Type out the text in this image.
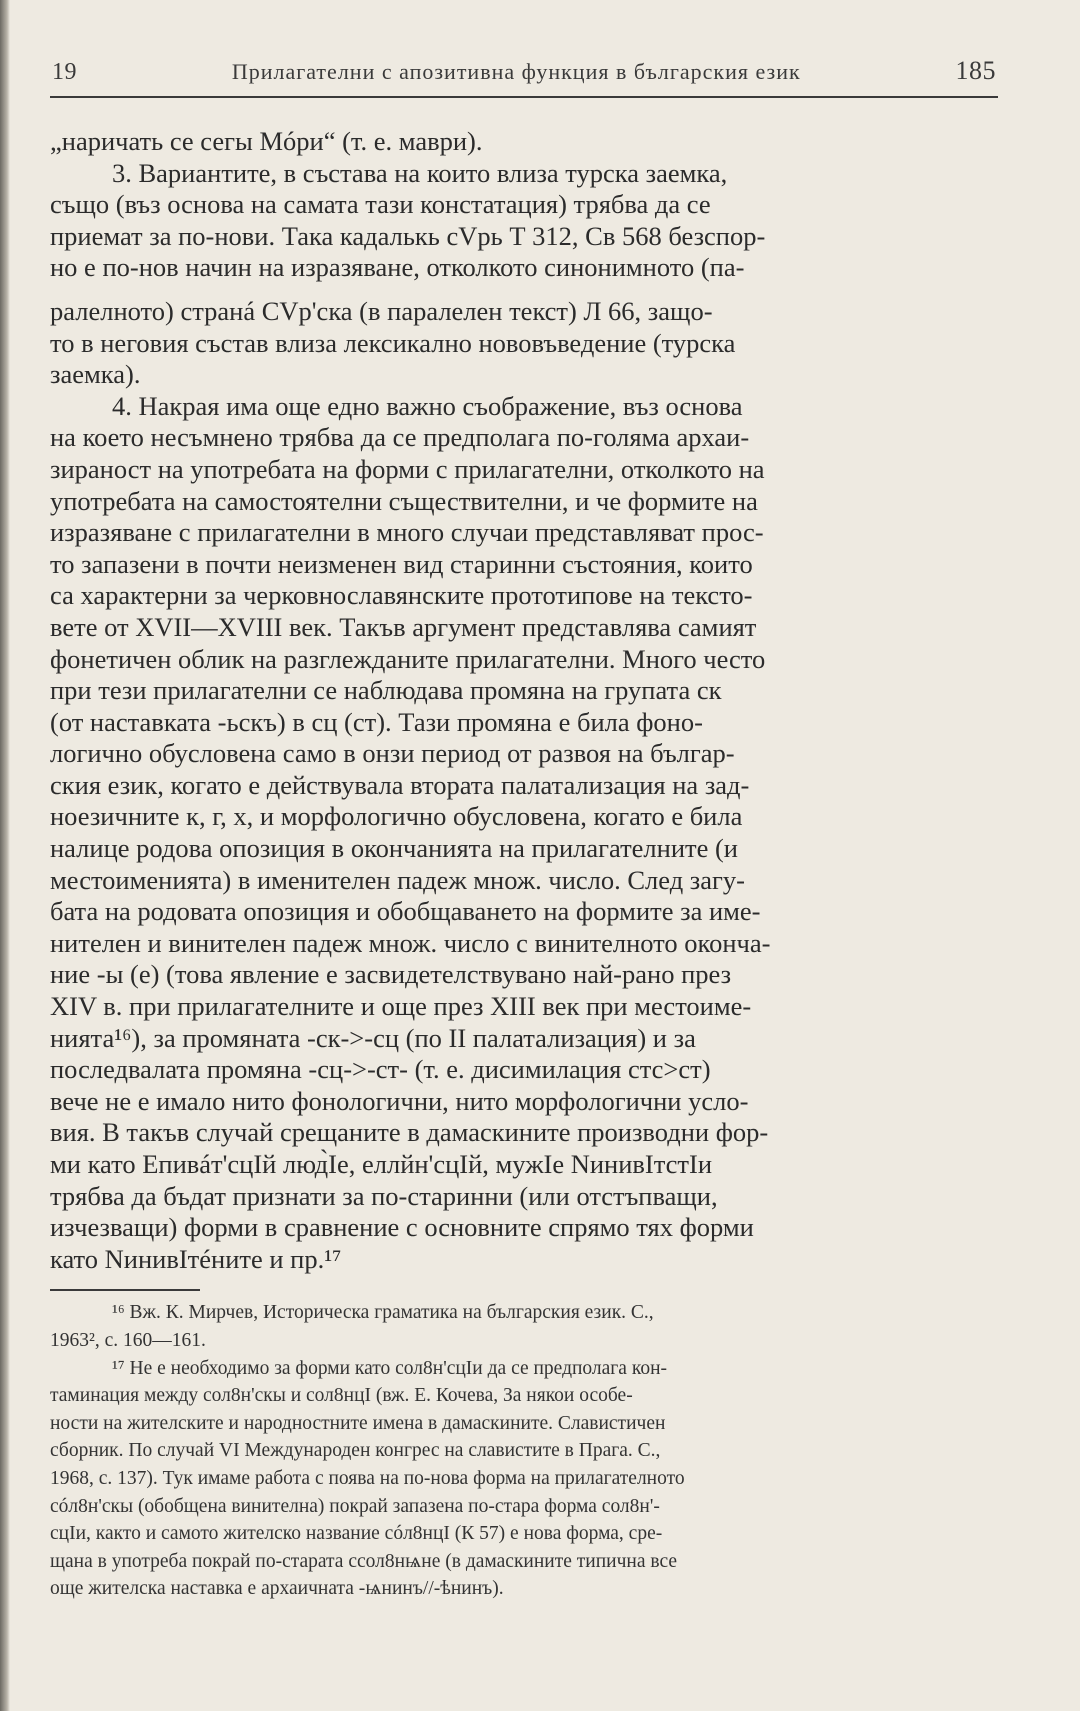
19	Прилагателни с апозитивна функция в българския език	185

„наричать се сегы Мóри“ (т. е. маври).

3. Вариантите, в състава на които влиза турска заемка,

също (въз основа на самата тази констатация) трябва да се

приемат за по-нови. Така кадалькь сVрь Т 312, Св 568 безспор-

но е по-нов начин на изразяване, отколкото синонимното (па-

ралелното) странá СVр'ска (в паралелен текст) Л 66, защо-

то в неговия състав влиза лексикално нововъведение (турска

заемка).

4. Накрая има още едно важно съображение, въз основа

на което несъмнено трябва да се предполага по-голяма архаи-

зираност на употребата на форми с прилагателни, отколкото на

употребата на самостоятелни съществителни, и че формите на

изразяване с прилагателни в много случаи представляват прос-

то запазени в почти неизменен вид старинни състояния, които

са характерни за черковнославянските прототипове на тексто-

вете от XVII—XVIII век. Такъв аргумент представлява самият

фонетичен облик на разглежданите прилагателни. Много често

при тези прилагателни се наблюдава промяна на групата ск

(от наставката -ьскъ) в сц (ст). Тази промяна е била фоно-

логично обусловена само в онзи период от развоя на българ-

ския език, когато е действувала втората палатализация на зад-

ноезичните к, г, х, и морфологично обусловена, когато е била

налице родова опозиция в окончанията на прилагателните (и

местоименията) в именителен падеж множ. число. След загу-

бата на родовата опозиция и обобщаването на формите за име-

нителен и винителен падеж множ. число с винителното оконча-

ние -ы (е) (това явление е засвидетелствувано най-рано през

XIV в. при прилагателните и още през XIII век при местоиме-

нията¹⁶), за промяната -ск->-сц (по II палатализация) и за

последвалата промяна -сц->-ст- (т. е. дисимилация стс>ст)

вече не е имало нито фонологични, нито морфологични усло-

вия. В такъв случай срещаните в дамаскините производни фор-

ми като Епивáт'сцІй люд̀Іе, еллйн'сцІй, мужІе NинивІтстІи

трябва да бъдат признати за по-старинни (или отстъпващи,

изчезващи) форми в сравнение с основните спрямо тях форми

като NинивІтéните и пр.¹⁷

¹⁶ Вж. К. Мирчев, Историческа граматика на българския език. С.,

1963², с. 160—161.

¹⁷ Не е необходимо за форми като сол8н'сцІи да се предполага кон-

таминация между сол8н'скы и сол8нцІ (вж. Е. Кочева, За някои особе-

ности на жителските и народностните имена в дамаскините. Славистичен

сборник. По случай VI Международен конгрес на славистите в Прага. С.,

1968, с. 137). Тук имаме работа с поява на по-нова форма на прилагателното

сóл8н'скы (обобщена винителна) покрай запазена по-стара форма сол8н'-

сцІи, както и самото жителско название сóл8нцІ (К 57) е нова форма, сре-

щана в употреба покрай по-старата ссол8нѩне (в дамаскините типична все

още жителска наставка е архаичната -ѩнинъ//-ѣнинъ).
